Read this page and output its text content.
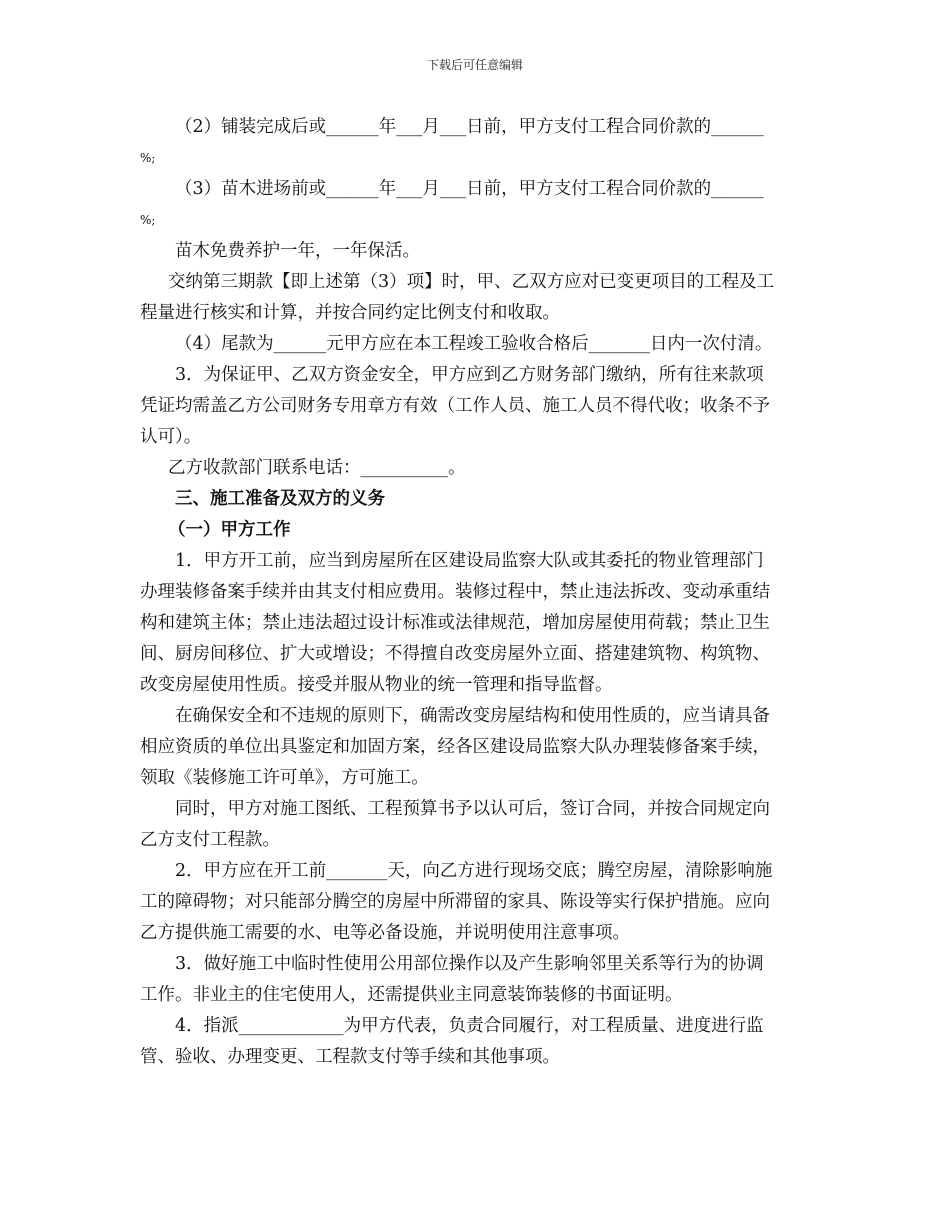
下载后可任意编辑
（2）铺装完成后或______年___月___日前，甲方支付工程合同价款的______
%;
（3）苗木进场前或______年___月___日前，甲方支付工程合同价款的______
%;
苗木免费养护一年，一年保活。
交纳第三期款【即上述第（3）项】时，甲、乙双方应对已变更项目的工程及工
程量进行核实和计算，并按合同约定比例支付和收取。
（4）尾款为______元甲方应在本工程竣工验收合格后_______日内一次付清。
3．为保证甲、乙双方资金安全，甲方应到乙方财务部门缴纳，所有往来款项
凭证均需盖乙方公司财务专用章方有效（工作人员、施工人员不得代收；收条不予
认可）。
乙方收款部门联系电话：__________。
三、施工准备及双方的义务
（一）甲方工作
1．甲方开工前，应当到房屋所在区建设局监察大队或其委托的物业管理部门
办理装修备案手续并由其支付相应费用。装修过程中，禁止违法拆改、变动承重结
构和建筑主体；禁止违法超过设计标准或法律规范，增加房屋使用荷载；禁止卫生
间、厨房间移位、扩大或增设；不得擅自改变房屋外立面、搭建建筑物、构筑物、
改变房屋使用性质。接受并服从物业的统一管理和指导监督。
在确保安全和不违规的原则下，确需改变房屋结构和使用性质的，应当请具备
相应资质的单位出具鉴定和加固方案，经各区建设局监察大队办理装修备案手续，
领取《装修施工许可单》，方可施工。
同时，甲方对施工图纸、工程预算书予以认可后，签订合同，并按合同规定向
乙方支付工程款。
2．甲方应在开工前_______天，向乙方进行现场交底；腾空房屋，清除影响施
工的障碍物；对只能部分腾空的房屋中所滞留的家具、陈设等实行保护措施。应向
乙方提供施工需要的水、电等必备设施，并说明使用注意事项。
3．做好施工中临时性使用公用部位操作以及产生影响邻里关系等行为的协调
工作。非业主的住宅使用人，还需提供业主同意装饰装修的书面证明。
4．指派____________为甲方代表，负责合同履行，对工程质量、进度进行监
管、验收、办理变更、工程款支付等手续和其他事项。
